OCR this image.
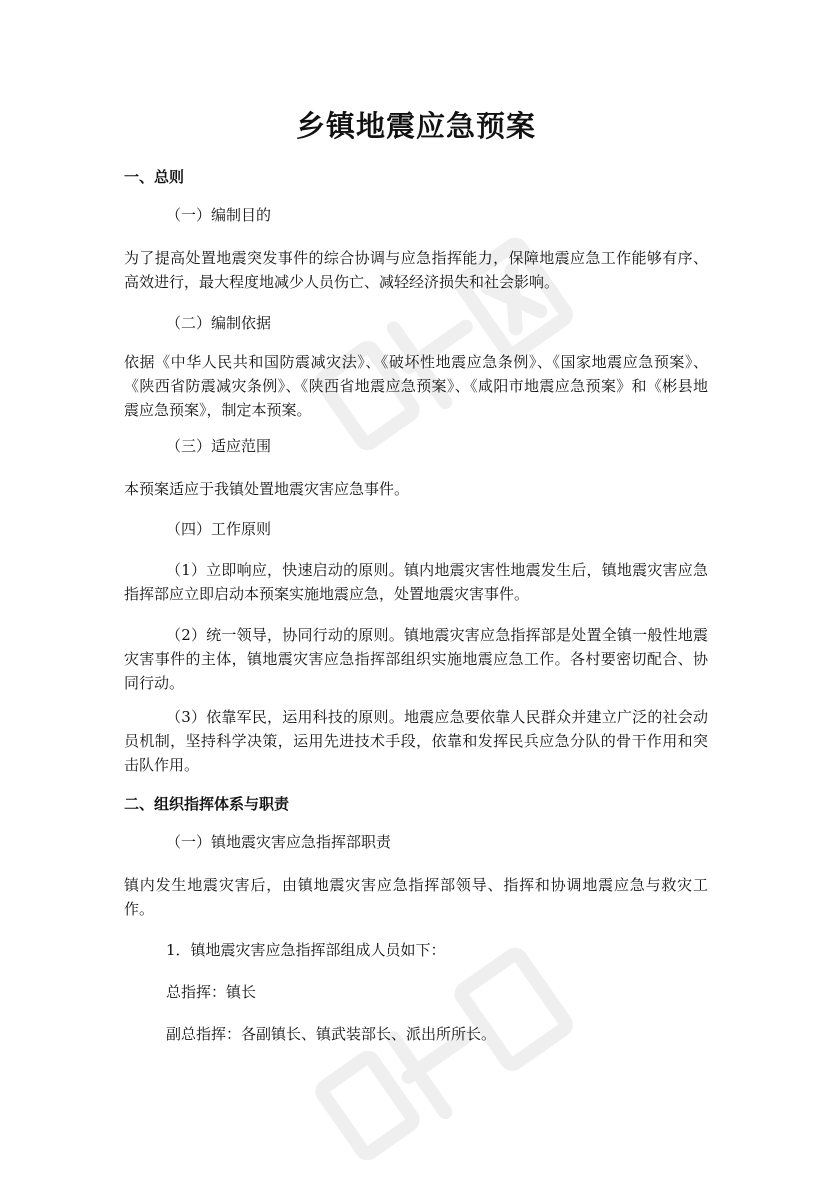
乡镇地震应急预案
一、总则
（一）编制目的
为了提高处置地震突发事件的综合协调与应急指挥能力，保障地震应急工作能够有序、高效进行，最大程度地减少人员伤亡、减轻经济损失和社会影响。
（二）编制依据
依据《中华人民共和国防震减灾法》、《破坏性地震应急条例》、《国家地震应急预案》、《陕西省防震减灾条例》、《陕西省地震应急预案》、《咸阳市地震应急预案》和《彬县地震应急预案》，制定本预案。
（三）适应范围
本预案适应于我镇处置地震灾害应急事件。
（四）工作原则
（1）立即响应，快速启动的原则。镇内地震灾害性地震发生后，镇地震灾害应急指挥部应立即启动本预案实施地震应急，处置地震灾害事件。
（2）统一领导，协同行动的原则。镇地震灾害应急指挥部是处置全镇一般性地震灾害事件的主体，镇地震灾害应急指挥部组织实施地震应急工作。各村要密切配合、协同行动。
（3）依靠军民，运用科技的原则。地震应急要依靠人民群众并建立广泛的社会动员机制，坚持科学决策，运用先进技术手段，依靠和发挥民兵应急分队的骨干作用和突击队作用。
二、组织指挥体系与职责
（一）镇地震灾害应急指挥部职责
镇内发生地震灾害后，由镇地震灾害应急指挥部领导、指挥和协调地震应急与救灾工作。
1．镇地震灾害应急指挥部组成人员如下：
总指挥：镇长
副总指挥：各副镇长、镇武装部长、派出所所长。
